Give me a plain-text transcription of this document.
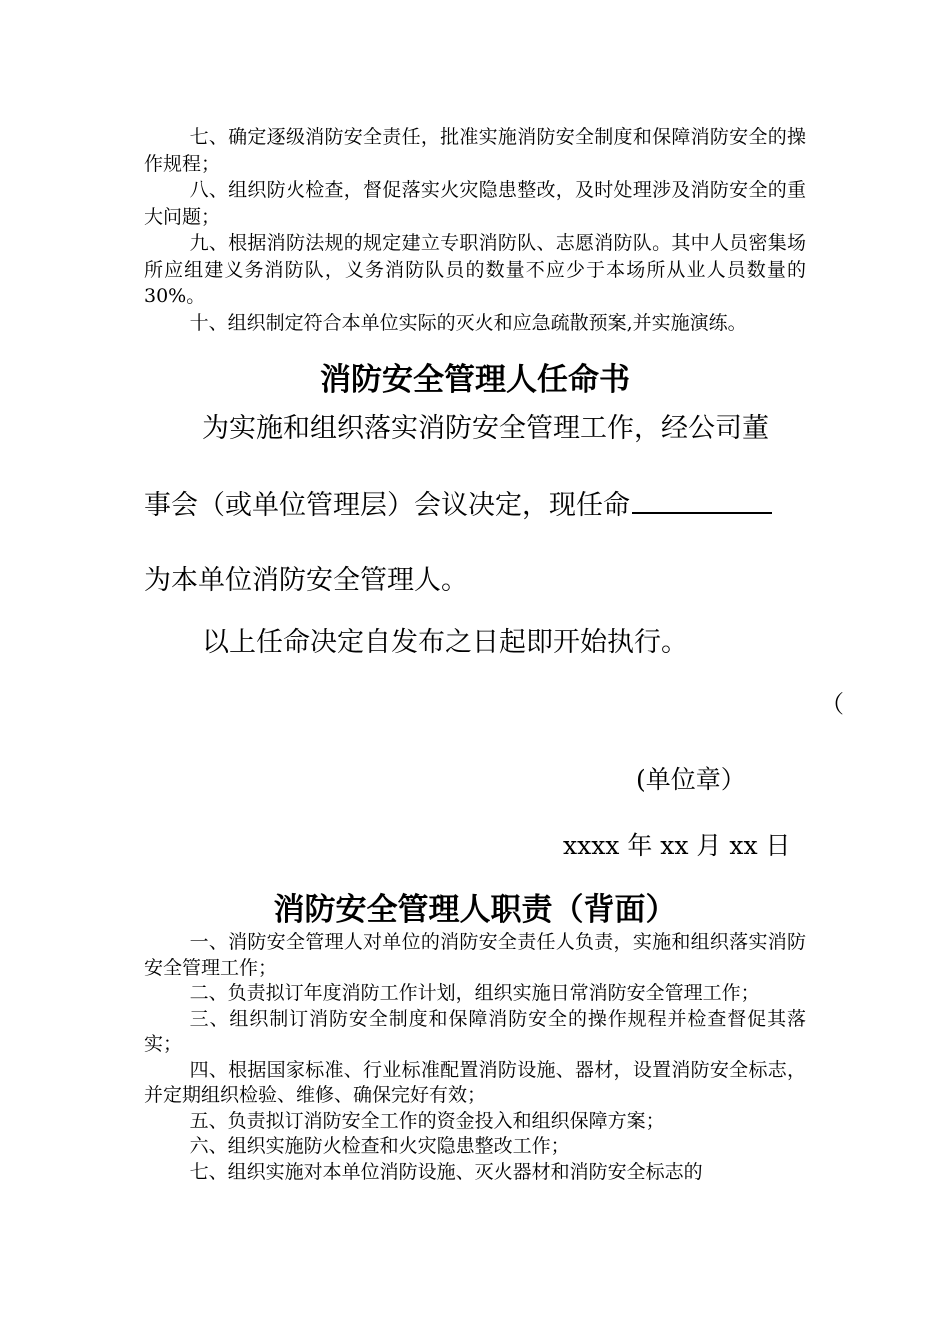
七、确定逐级消防安全责任，批准实施消防安全制度和保障消防安全的操作规程；
八、组织防火检查，督促落实火灾隐患整改，及时处理涉及消防安全的重大问题；
九、根据消防法规的规定建立专职消防队、志愿消防队。其中人员密集场所应组建义务消防队，义务消防队员的数量不应少于本场所从业人员数量的30%。
十、组织制定符合本单位实际的灭火和应急疏散预案,并实施演练。
消防安全管理人任命书
为实施和组织落实消防安全管理工作，经公司董
事会（或单位管理层）会议决定，现任命
为本单位消防安全管理人。
以上任命决定自发布之日起即开始执行。
（
(单位章）
xxxx 年 xx 月 xx 日
消防安全管理人职责（背面）
一、消防安全管理人对单位的消防安全责任人负责，实施和组织落实消防安全管理工作；
二、负责拟订年度消防工作计划，组织实施日常消防安全管理工作；
三、组织制订消防安全制度和保障消防安全的操作规程并检查督促其落实；
四、根据国家标准、行业标准配置消防设施、器材，设置消防安全标志，并定期组织检验、维修、确保完好有效；
五、负责拟订消防安全工作的资金投入和组织保障方案；
六、组织实施防火检查和火灾隐患整改工作；
七、组织实施对本单位消防设施、灭火器材和消防安全标志的
